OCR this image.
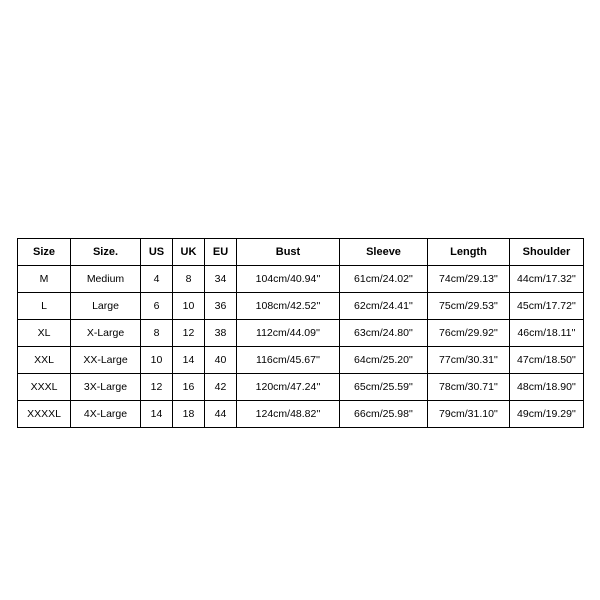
Size	Size.	US	UK	EU	Bust	Sleeve	Length	Shoulder
M	Medium	4	8	34	104cm/40.94''	61cm/24.02''	74cm/29.13''	44cm/17.32''
L	Large	6	10	36	108cm/42.52''	62cm/24.41''	75cm/29.53''	45cm/17.72''
XL	X-Large	8	12	38	112cm/44.09''	63cm/24.80''	76cm/29.92''	46cm/18.11''
XXL	XX-Large	10	14	40	116cm/45.67''	64cm/25.20''	77cm/30.31''	47cm/18.50''
XXXL	3X-Large	12	16	42	120cm/47.24''	65cm/25.59''	78cm/30.71''	48cm/18.90''
XXXXL	4X-Large	14	18	44	124cm/48.82''	66cm/25.98''	79cm/31.10''	49cm/19.29''
